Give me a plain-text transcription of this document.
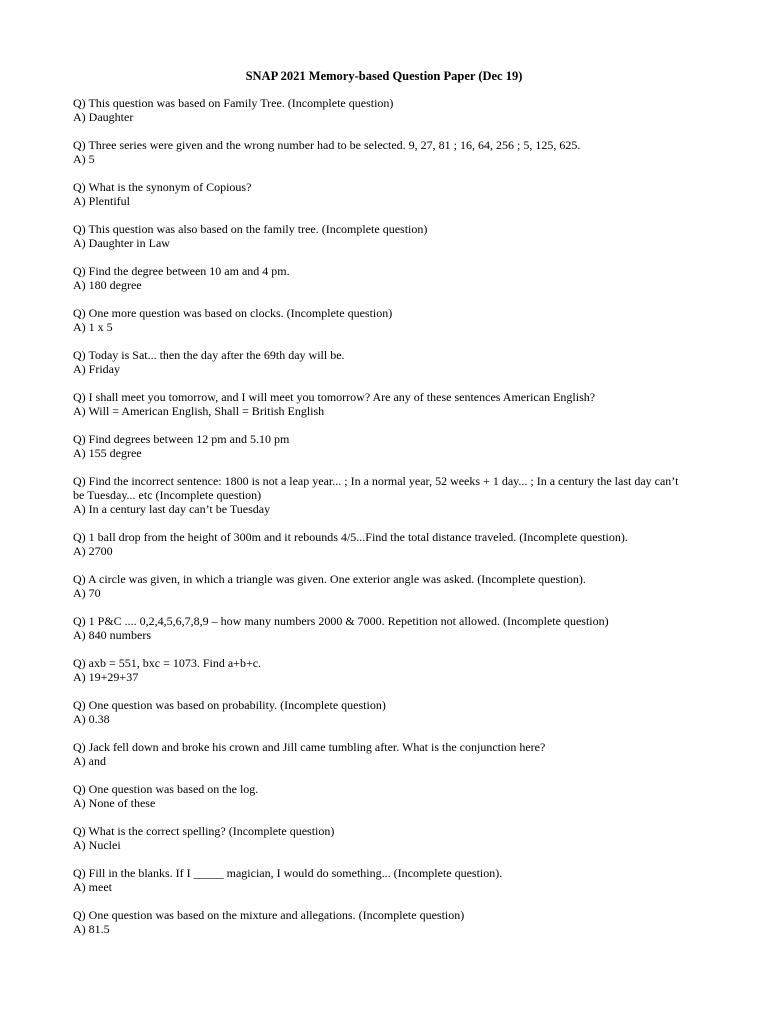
SNAP 2021 Memory-based Question Paper (Dec 19)

Q) This question was based on Family Tree. (Incomplete question)

A) Daughter

Q) Three series were given and the wrong number had to be selected. 9, 27, 81 ; 16, 64, 256 ; 5, 125, 625.

A) 5

Q) What is the synonym of Copious?

A) Plentiful

Q) This question was also based on the family tree. (Incomplete question)

A) Daughter in Law

Q) Find the degree between 10 am and 4 pm.

A) 180 degree

Q) One more question was based on clocks. (Incomplete question)

A) 1 x 5

Q) Today is Sat... then the day after the 69th day will be.

A) Friday

Q) I shall meet you tomorrow, and I will meet you tomorrow? Are any of these sentences American English?

A) Will = American English, Shall = British English

Q) Find degrees between 12 pm and 5.10 pm

A) 155 degree

Q) Find the incorrect sentence: 1800 is not a leap year... ; In a normal year, 52 weeks + 1 day... ; In a century the last day can’t be Tuesday... etc (Incomplete question)

A) In a century last day can’t be Tuesday

Q) 1 ball drop from the height of 300m and it rebounds 4/5...Find the total distance traveled. (Incomplete question).

A) 2700

Q) A circle was given, in which a triangle was given. One exterior angle was asked. (Incomplete question).

A) 70

Q) 1 P&C .... 0,2,4,5,6,7,8,9 – how many numbers 2000 & 7000. Repetition not allowed. (Incomplete question)

A) 840 numbers

Q) axb = 551, bxc = 1073. Find a+b+c.

A) 19+29+37

Q) One question was based on probability. (Incomplete question)

A) 0.38

Q) Jack fell down and broke his crown and Jill came tumbling after. What is the conjunction here?

A) and

Q) One question was based on the log.

A) None of these

Q) What is the correct spelling? (Incomplete question)

A) Nuclei

Q) Fill in the blanks. If I _____ magician, I would do something... (Incomplete question).

A) meet

Q) One question was based on the mixture and allegations. (Incomplete question)

A) 81.5
